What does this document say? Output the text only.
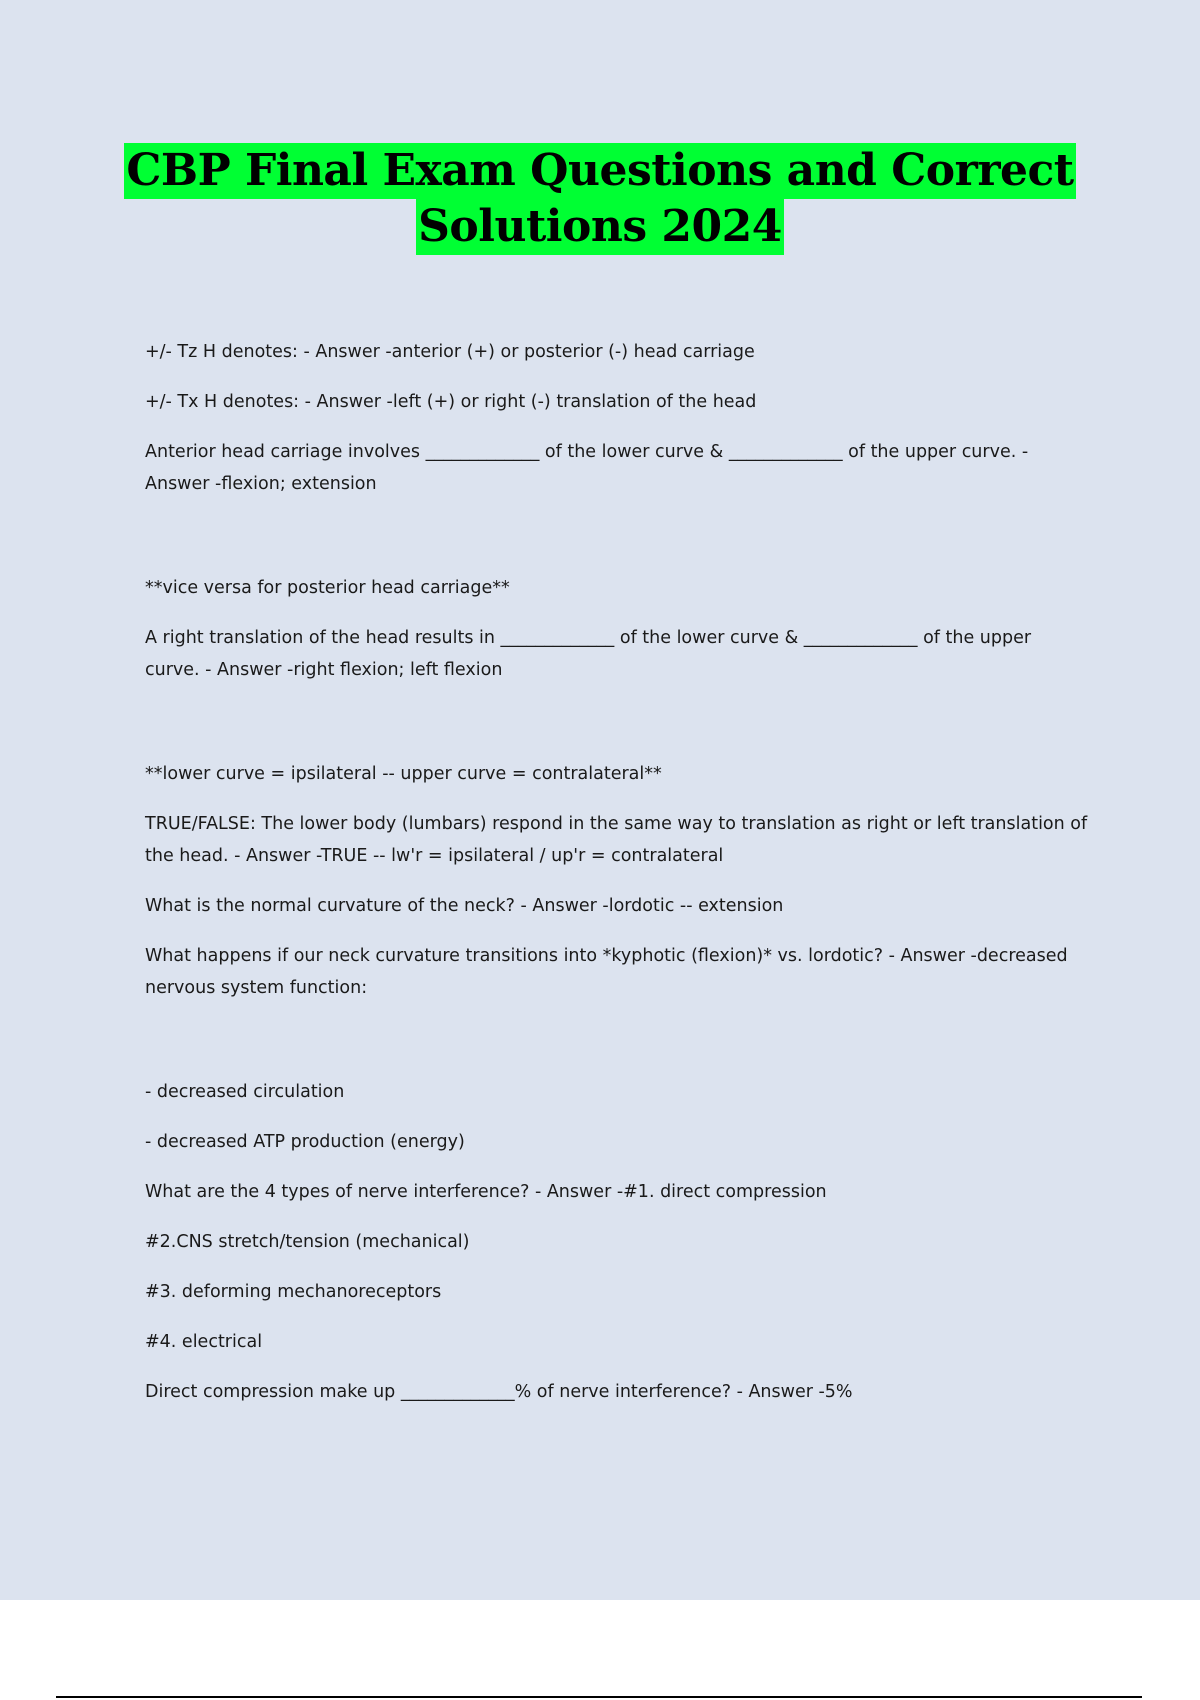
CBP Final Exam Questions and Correct
Solutions 2024

+/- Tz H denotes: - Answer -anterior (+) or posterior (-) head carriage

+/- Tx H denotes: - Answer -left (+) or right (-) translation of the head

Anterior head carriage involves _____________ of the lower curve & _____________ of the upper curve. - Answer -flexion; extension

**vice versa for posterior head carriage**

A right translation of the head results in _____________ of the lower curve & _____________ of the upper curve. - Answer -right flexion; left flexion

**lower curve = ipsilateral -- upper curve = contralateral**

TRUE/FALSE: The lower body (lumbars) respond in the same way to translation as right or left translation of the head. - Answer -TRUE -- lw'r = ipsilateral / up'r = contralateral

What is the normal curvature of the neck? - Answer -lordotic -- extension

What happens if our neck curvature transitions into *kyphotic (flexion)* vs. lordotic? - Answer -decreased nervous system function:

- decreased circulation

- decreased ATP production (energy)

What are the 4 types of nerve interference? - Answer -#1. direct compression

#2.CNS stretch/tension (mechanical)

#3. deforming mechanoreceptors

#4. electrical

Direct compression make up _____________% of nerve interference? - Answer -5%
